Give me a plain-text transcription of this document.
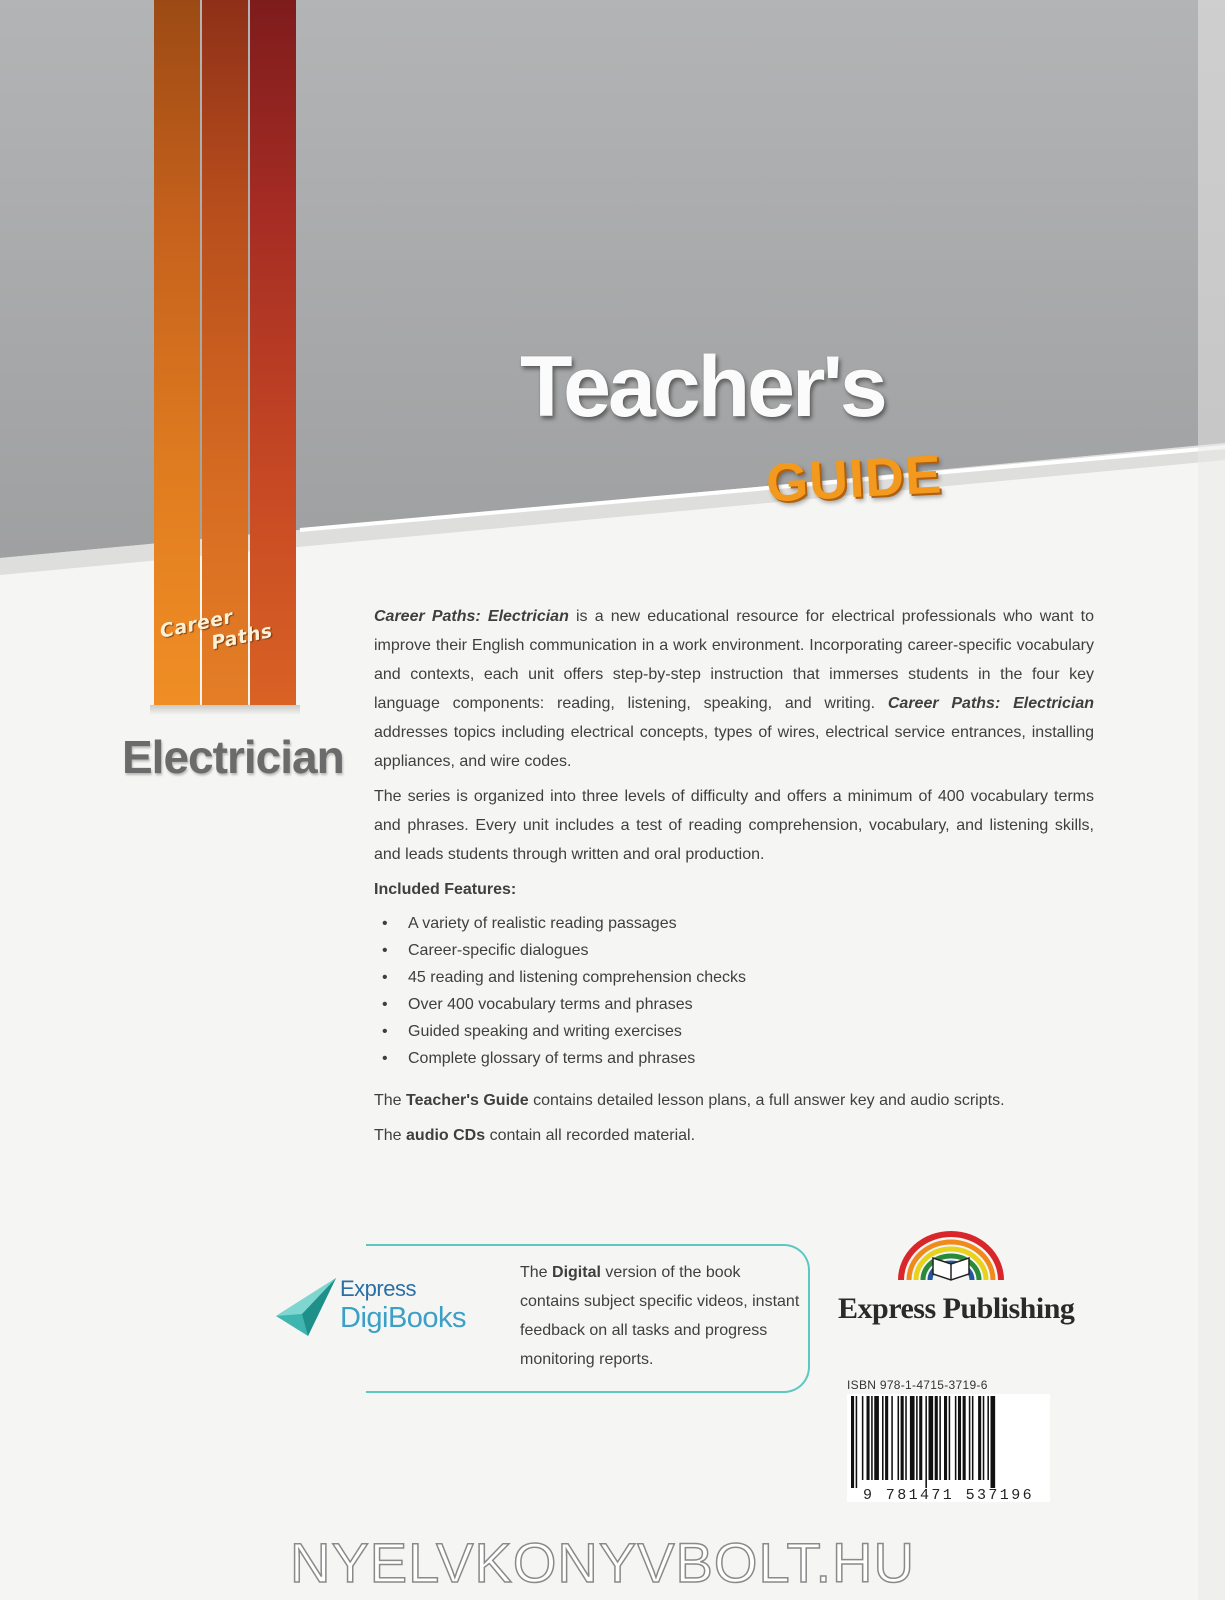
Career
Paths
Electrician
Teacher's
GUIDE

Career Paths: Electrician is a new educational resource for electrical professionals who want to improve their English communication in a work environment. Incorporating career-specific vocabulary and contexts, each unit offers step-by-step instruction that immerses students in the four key language components: reading, listening, speaking, and writing. Career Paths: Electrician addresses topics including electrical concepts, types of wires, electrical service entrances, installing appliances, and wire codes.

The series is organized into three levels of difficulty and offers a minimum of 400 vocabulary terms and phrases. Every unit includes a test of reading comprehension, vocabulary, and listening skills, and leads students through written and oral production.

Included Features:

• A variety of realistic reading passages
• Career-specific dialogues
• 45 reading and listening comprehension checks
• Over 400 vocabulary terms and phrases
• Guided speaking and writing exercises
• Complete glossary of terms and phrases

The Teacher's Guide contains detailed lesson plans, a full answer key and audio scripts.

The audio CDs contain all recorded material.

Express
DigiBooks
The Digital version of the book contains subject specific videos, instant feedback on all tasks and progress monitoring reports.
Express Publishing
ISBN 978-1-4715-3719-6
9 781471 537196
NYELVKONYVBOLT.HU
